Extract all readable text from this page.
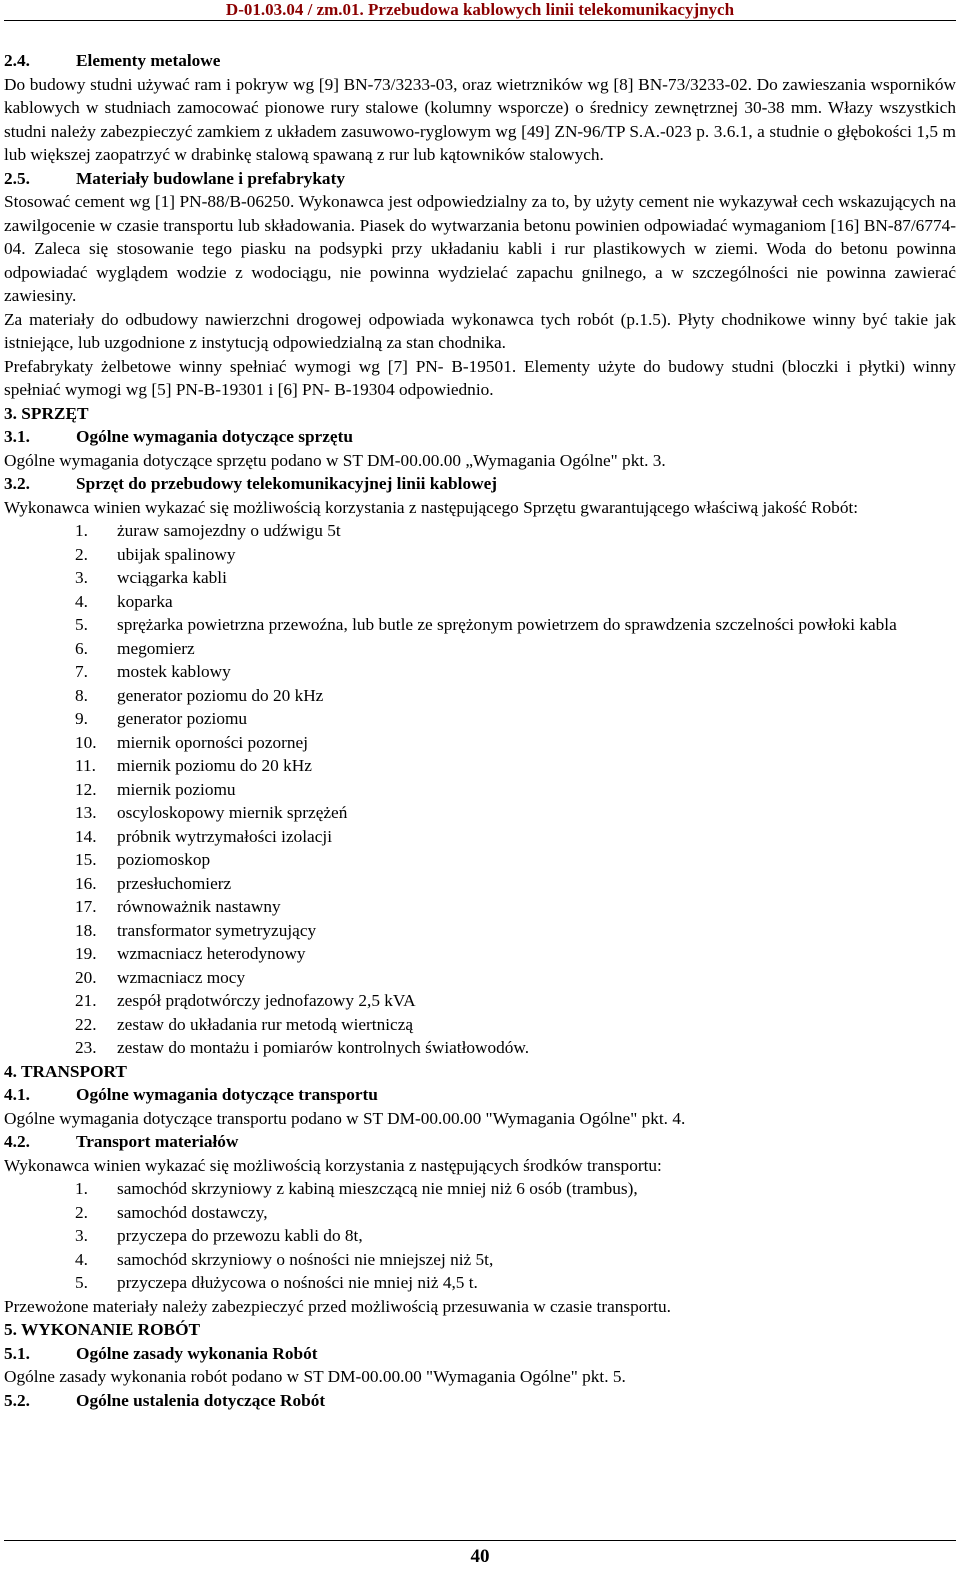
D-01.03.04 / zm.01. Przebudowa kablowych linii telekomunikacyjnych

2.4.	Elementy metalowe

Do budowy studni używać ram i pokryw wg [9] BN-73/3233-03, oraz wietrzników wg [8] BN-73/3233-02. Do zawieszania wsporników kablowych w studniach zamocować pionowe rury stalowe (kolumny wsporcze) o średnicy zewnętrznej 30-38 mm. Włazy wszystkich studni należy zabezpieczyć zamkiem z układem zasuwowo-ryglowym wg [49] ZN-96/TP S.A.-023 p. 3.6.1, a studnie o głębokości 1,5 m lub większej zaopatrzyć w drabinkę stalową spawaną z rur lub kątowników stalowych.

2.5.	Materiały budowlane i prefabrykaty

Stosować cement wg [1] PN-88/B-06250. Wykonawca jest odpowiedzialny za to, by użyty cement nie wykazywał cech wskazujących na zawilgocenie w czasie transportu lub składowania. Piasek do wytwarzania betonu powinien odpowiadać wymaganiom [16] BN-87/6774-04. Zaleca się stosowanie tego piasku na podsypki przy układaniu kabli i rur plastikowych w ziemi. Woda do betonu powinna odpowiadać wyglądem wodzie z wodociągu, nie powinna wydzielać zapachu gnilnego, a w szczególności nie powinna zawierać zawiesiny.

Za materiały do odbudowy nawierzchni drogowej odpowiada wykonawca tych robót (p.1.5). Płyty chodnikowe winny być takie jak istniejące, lub uzgodnione z instytucją odpowiedzialną za stan chodnika.

Prefabrykaty żelbetowe winny spełniać wymogi wg [7] PN- B-19501. Elementy użyte do budowy studni (bloczki i płytki) winny spełniać wymogi wg [5] PN-B-19301 i [6] PN- B-19304 odpowiednio.

3. SPRZĘT

3.1.	Ogólne wymagania dotyczące sprzętu

Ogólne wymagania dotyczące sprzętu podano w ST DM-00.00.00 „Wymagania Ogólne" pkt. 3.

3.2.	Sprzęt do przebudowy telekomunikacyjnej linii kablowej

Wykonawca winien wykazać się możliwością korzystania z następującego Sprzętu gwarantującego właściwą jakość Robót:

1.	żuraw samojezdny o udźwigu 5t
2.	ubijak spalinowy
3.	wciągarka kabli
4.	koparka
5.	sprężarka powietrzna przewoźna, lub butle ze sprężonym powietrzem do sprawdzenia szczelności powłoki kabla
6.	megomierz
7.	mostek kablowy
8.	generator poziomu do 20 kHz
9.	generator poziomu
10.	miernik oporności pozornej
11.	miernik poziomu do 20 kHz
12.	miernik poziomu
13.	oscyloskopowy miernik sprzężeń
14.	próbnik wytrzymałości izolacji
15.	poziomoskop
16.	przesłuchomierz
17.	równoważnik nastawny
18.	transformator symetryzujący
19.	wzmacniacz heterodynowy
20.	wzmacniacz mocy
21.	zespół prądotwórczy jednofazowy 2,5 kVA
22.	zestaw do układania rur metodą wiertniczą
23.	zestaw do montażu i pomiarów kontrolnych światłowodów.

4. TRANSPORT

4.1.	Ogólne wymagania dotyczące transportu

Ogólne wymagania dotyczące transportu podano w ST DM-00.00.00 "Wymagania Ogólne" pkt. 4.

4.2.	Transport materiałów

Wykonawca winien wykazać się możliwością korzystania z następujących środków transportu:

1.	samochód skrzyniowy z kabiną mieszczącą nie mniej niż 6 osób (trambus),
2.	samochód dostawczy,
3.	przyczepa do przewozu kabli do 8t,
4.	samochód skrzyniowy o nośności nie mniejszej niż 5t,
5.	przyczepa dłużycowa o nośności nie mniej niż 4,5 t.

Przewożone materiały należy zabezpieczyć przed możliwością przesuwania w czasie transportu.

5. WYKONANIE ROBÓT

5.1.	Ogólne zasady wykonania Robót

Ogólne zasady wykonania robót podano w ST DM-00.00.00 "Wymagania Ogólne" pkt. 5.

5.2.	Ogólne ustalenia dotyczące Robót

40
